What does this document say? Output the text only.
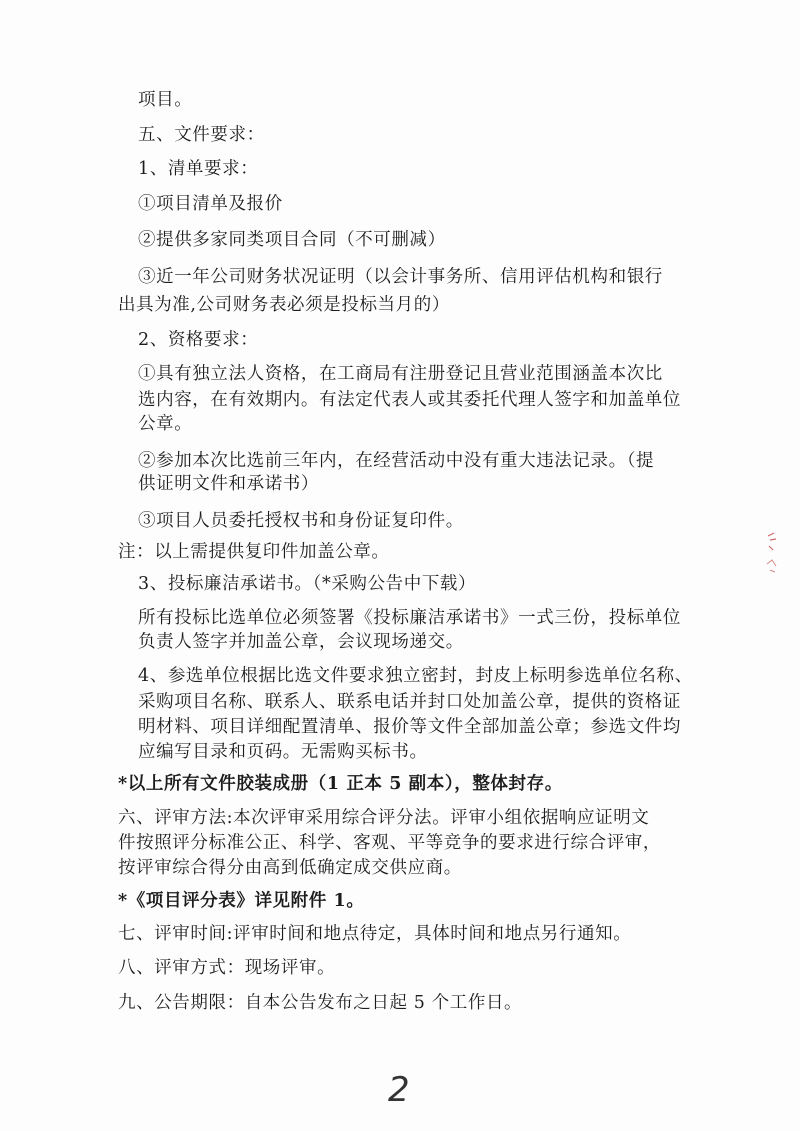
项目。
五、文件要求：
1、清单要求：
①项目清单及报价
②提供多家同类项目合同（不可删减）
③近一年公司财务状况证明（以会计事务所、信用评估机构和银行
出具为准,公司财务表必须是投标当月的）
2、资格要求：
①具有独立法人资格，在工商局有注册登记且营业范围涵盖本次比
选内容，在有效期内。有法定代表人或其委托代理人签字和加盖单位
公章。
②参加本次比选前三年内，在经营活动中没有重大违法记录。（提
供证明文件和承诺书）
③项目人员委托授权书和身份证复印件。
注：以上需提供复印件加盖公章。
3、投标廉洁承诺书。（*采购公告中下载）
所有投标比选单位必须签署《投标廉洁承诺书》一式三份，投标单位
负责人签字并加盖公章，会议现场递交。
4、参选单位根据比选文件要求独立密封，封皮上标明参选单位名称、
采购项目名称、联系人、联系电话并封口处加盖公章，提供的资格证
明材料、项目详细配置清单、报价等文件全部加盖公章；参选文件均
应编写目录和页码。无需购买标书。
*以上所有文件胶装成册（1 正本 5 副本），整体封存。
六、评审方法:本次评审采用综合评分法。评审小组依据响应证明文
件按照评分标准公正、科学、客观、平等竞争的要求进行综合评审，
按评审综合得分由高到低确定成交供应商。
*《项目评分表》详见附件 1。
七、评审时间:评审时间和地点待定，具体时间和地点另行通知。
八、评审方式：现场评审。
九、公告期限：自本公告发布之日起 5 个工作日。
2
